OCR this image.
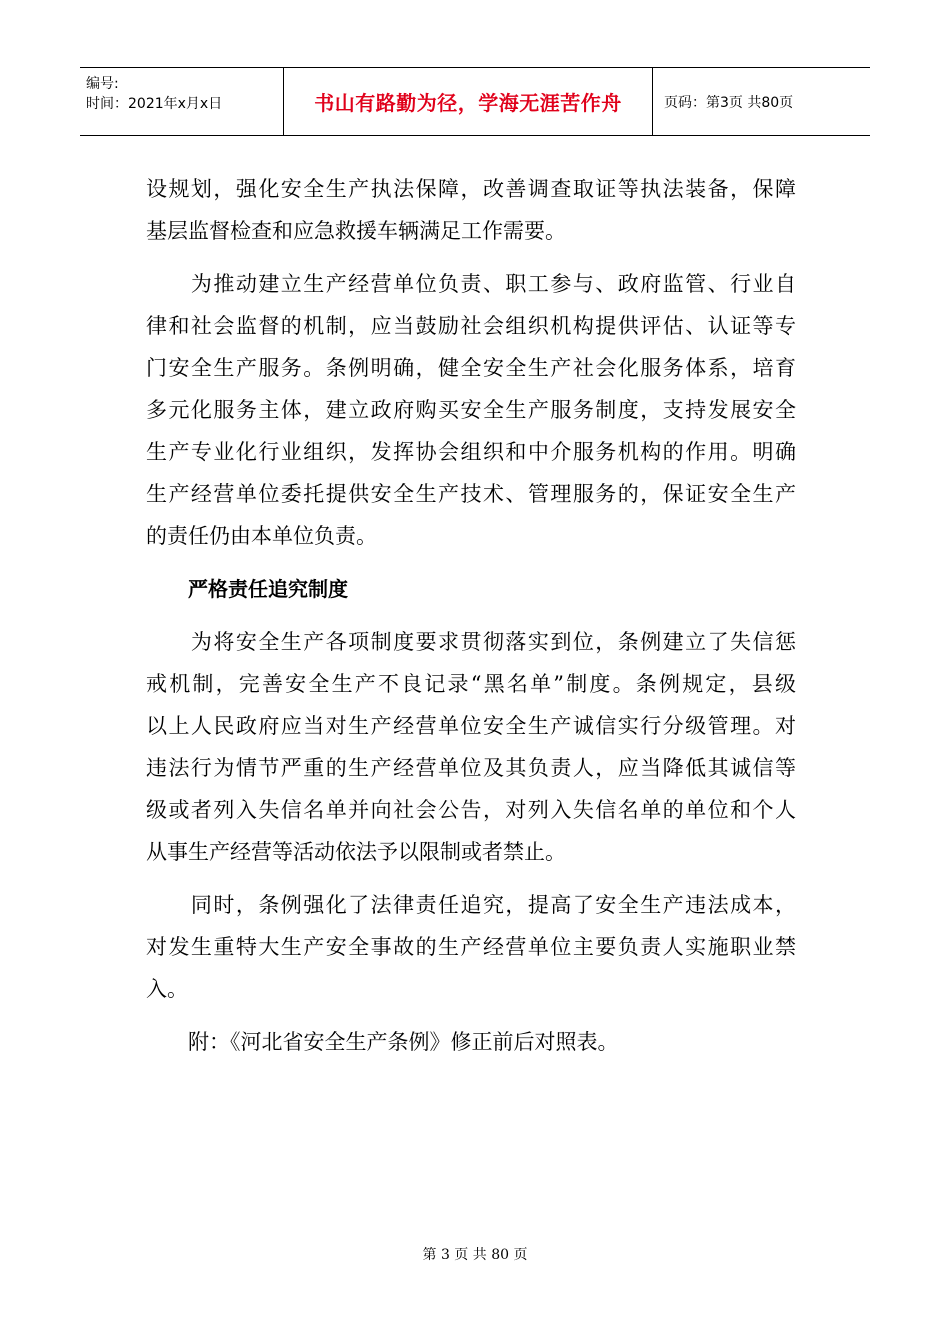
编号:
时间：2021年x月x日	书山有路勤为径，学海无涯苦作舟	页码：第3页 共80页
设规划，强化安全生产执法保障，改善调查取证等执法装备，保障
基层监督检查和应急救援车辆满足工作需要。
　　为推动建立生产经营单位负责、职工参与、政府监管、行业自
律和社会监督的机制，应当鼓励社会组织机构提供评估、认证等专
门安全生产服务。条例明确，健全安全生产社会化服务体系，培育
多元化服务主体，建立政府购买安全生产服务制度，支持发展安全
生产专业化行业组织，发挥协会组织和中介服务机构的作用。明确
生产经营单位委托提供安全生产技术、管理服务的，保证安全生产
的责任仍由本单位负责。
严格责任追究制度
　　为将安全生产各项制度要求贯彻落实到位，条例建立了失信惩
戒机制，完善安全生产不良记录“黑名单”制度。条例规定，县级
以上人民政府应当对生产经营单位安全生产诚信实行分级管理。对
违法行为情节严重的生产经营单位及其负责人，应当降低其诚信等
级或者列入失信名单并向社会公告，对列入失信名单的单位和个人
从事生产经营等活动依法予以限制或者禁止。
　　同时，条例强化了法律责任追究，提高了安全生产违法成本，
对发生重特大生产安全事故的生产经营单位主要负责人实施职业禁
入。
　　附：《河北省安全生产条例》修正前后对照表。
第 3 页 共 80 页
